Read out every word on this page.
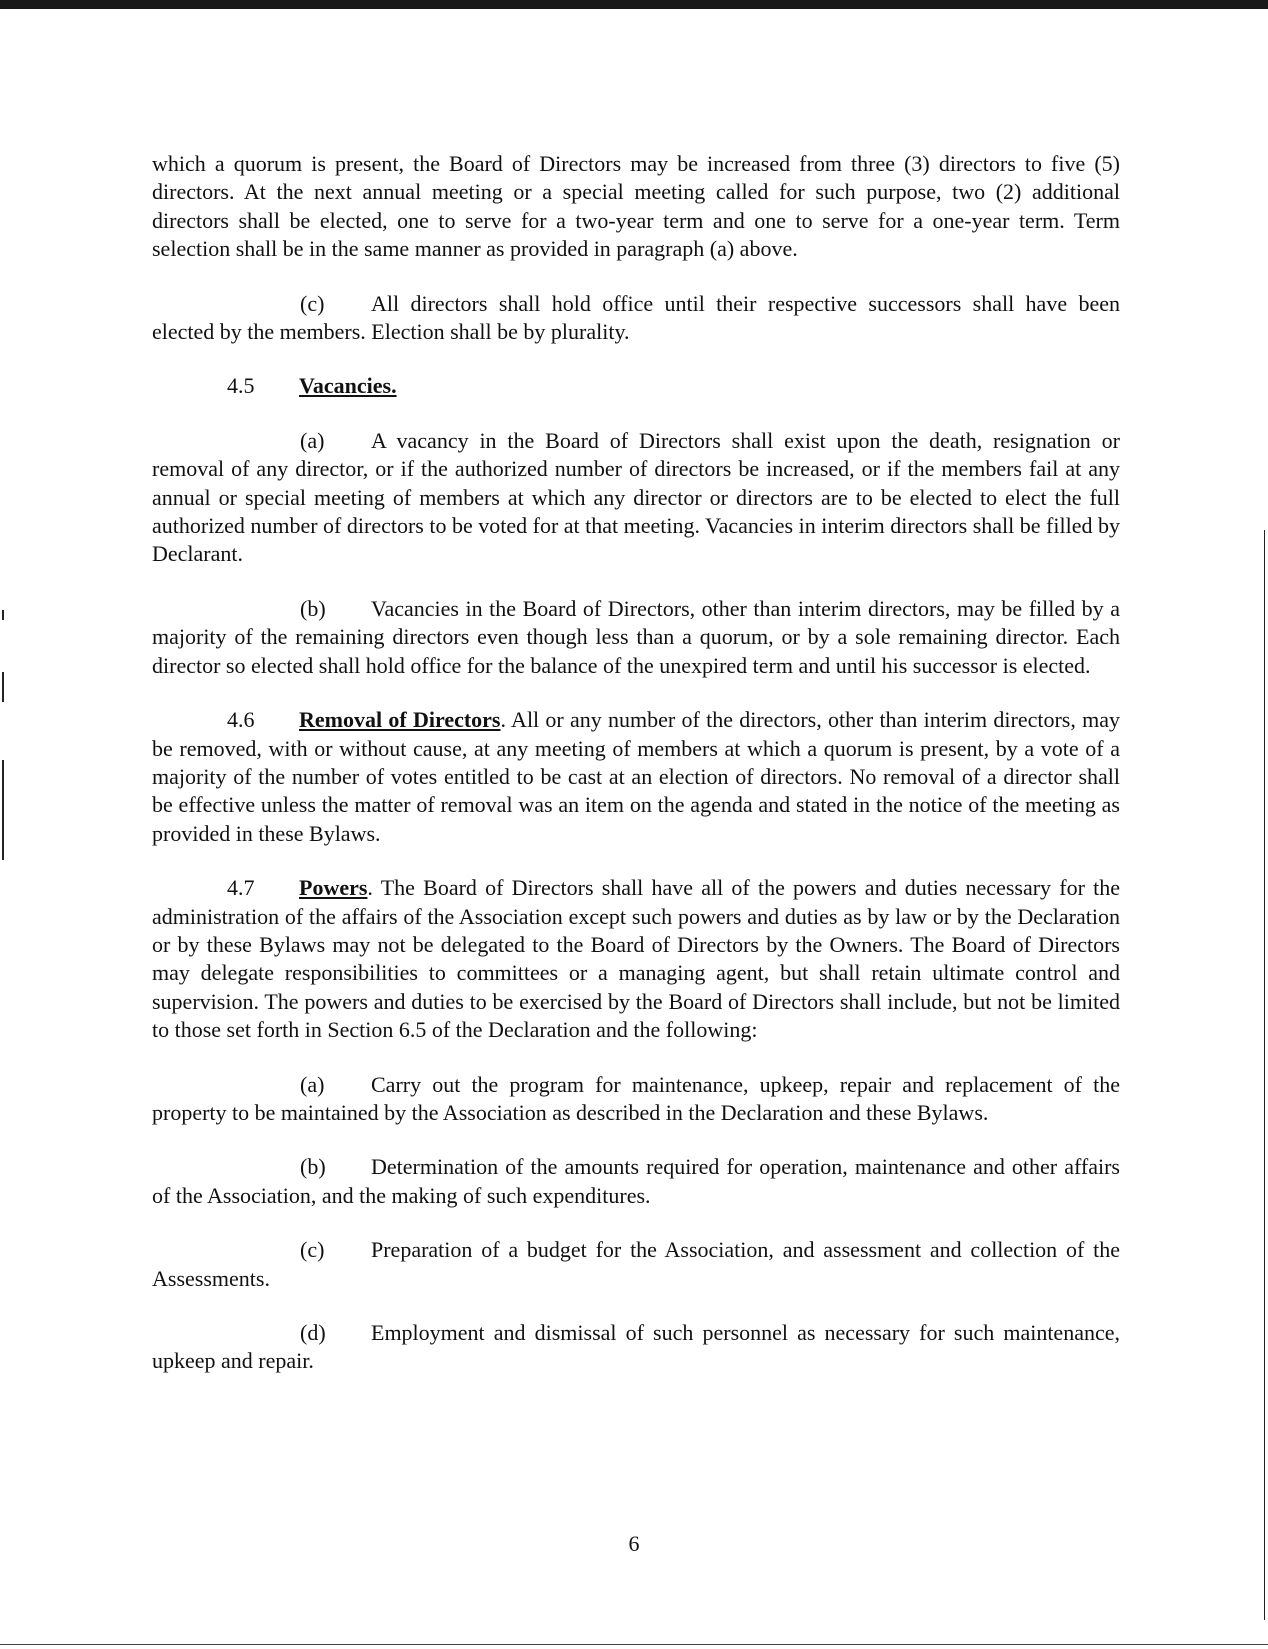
which a quorum is present, the Board of Directors may be increased from three (3) directors to five (5) directors. At the next annual meeting or a special meeting called for such purpose, two (2) additional directors shall be elected, one to serve for a two-year term and one to serve for a one-year term. Term selection shall be in the same manner as provided in paragraph (a) above.

(c) All directors shall hold office until their respective successors shall have been elected by the members. Election shall be by plurality.

4.5 Vacancies.

(a) A vacancy in the Board of Directors shall exist upon the death, resignation or removal of any director, or if the authorized number of directors be increased, or if the members fail at any annual or special meeting of members at which any director or directors are to be elected to elect the full authorized number of directors to be voted for at that meeting. Vacancies in interim directors shall be filled by Declarant.

(b) Vacancies in the Board of Directors, other than interim directors, may be filled by a majority of the remaining directors even though less than a quorum, or by a sole remaining director. Each director so elected shall hold office for the balance of the unexpired term and until his successor is elected.

4.6 Removal of Directors. All or any number of the directors, other than interim directors, may be removed, with or without cause, at any meeting of members at which a quorum is present, by a vote of a majority of the number of votes entitled to be cast at an election of directors. No removal of a director shall be effective unless the matter of removal was an item on the agenda and stated in the notice of the meeting as provided in these Bylaws.

4.7 Powers. The Board of Directors shall have all of the powers and duties necessary for the administration of the affairs of the Association except such powers and duties as by law or by the Declaration or by these Bylaws may not be delegated to the Board of Directors by the Owners. The Board of Directors may delegate responsibilities to committees or a managing agent, but shall retain ultimate control and supervision. The powers and duties to be exercised by the Board of Directors shall include, but not be limited to those set forth in Section 6.5 of the Declaration and the following:

(a) Carry out the program for maintenance, upkeep, repair and replacement of the property to be maintained by the Association as described in the Declaration and these Bylaws.

(b) Determination of the amounts required for operation, maintenance and other affairs of the Association, and the making of such expenditures.

(c) Preparation of a budget for the Association, and assessment and collection of the Assessments.

(d) Employment and dismissal of such personnel as necessary for such maintenance, upkeep and repair.

6
